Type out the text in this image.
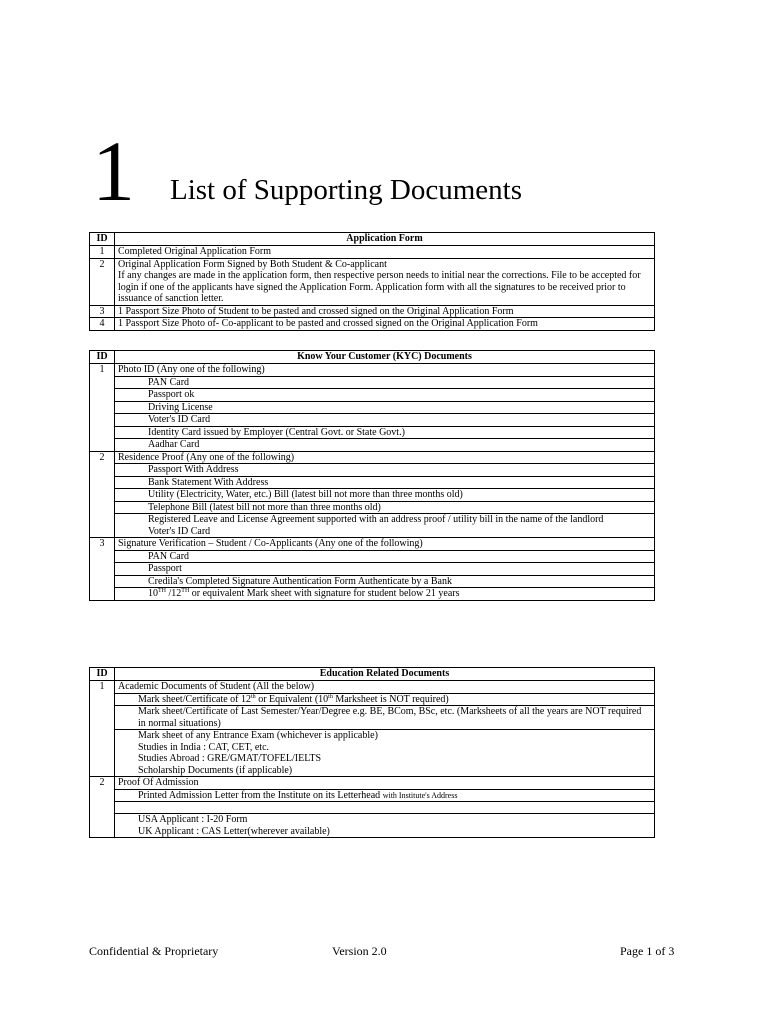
1 List of Supporting Documents
ID	Application Form
1	Completed Original Application Form
2	Original Application Form Signed by Both Student & Co-applicant
If any changes are made in the application form, then respective person needs to initial near the corrections. File to be accepted for login if one of the applicants have signed the Application Form. Application form with all the signatures to be received prior to issuance of sanction letter.

3	1 Passport Size Photo of Student to be pasted and crossed signed on the Original Application Form
4	1 Passport Size Photo of- Co-applicant to be pasted and crossed signed on the Original Application Form
ID	Know Your Customer (KYC) Documents
1	Photo ID (Any one of the following)
	PAN Card
	Passport ok
	Driving License
	Voter's ID Card
	Identity Card issued by Employer (Central Govt. or State Govt.)
	Aadhar Card
2	Residence Proof (Any one of the following)
	Passport With Address
	Bank Statement With Address
	Utility (Electricity, Water, etc.) Bill (latest bill not more than three months old)
	Telephone Bill (latest bill not more than three months old)

	Registered Leave and License Agreement supported with an address proof / utility bill in the name of the landlord
Voter's ID Card

3	Signature Verification – Student / Co-Applicants (Any one of the following)
	PAN Card
	Passport
	Credila's Completed Signature Authentication Form Authenticate by a Bank
	10TH /12TH or equivalent Mark sheet with signature for student below 21 years
ID	Education Related Documents
1	Academic Documents of Student (All the below)
	Mark sheet/Certificate of 12th or Equivalent (10th Marksheet is NOT required)

	Mark sheet/Certificate of Last Semester/Year/Degree e.g. BE, BCom, BSc, etc. (Marksheets of all the years are NOT required in normal situations)

	Mark sheet of any Entrance Exam (whichever is applicable)
Studies in India : CAT, CET, etc.
Studies Abroad : GRE/GMAT/TOFEL/IELTS
Scholarship Documents (if applicable)

2	Proof Of Admission
	Printed Admission Letter from the Institute on its Letterhead with Institute's Address

	USA Applicant : I-20 Form
UK Applicant : CAS Letter(wherever available)
Confidential & Proprietary	Version 2.0	Page 1 of 3
